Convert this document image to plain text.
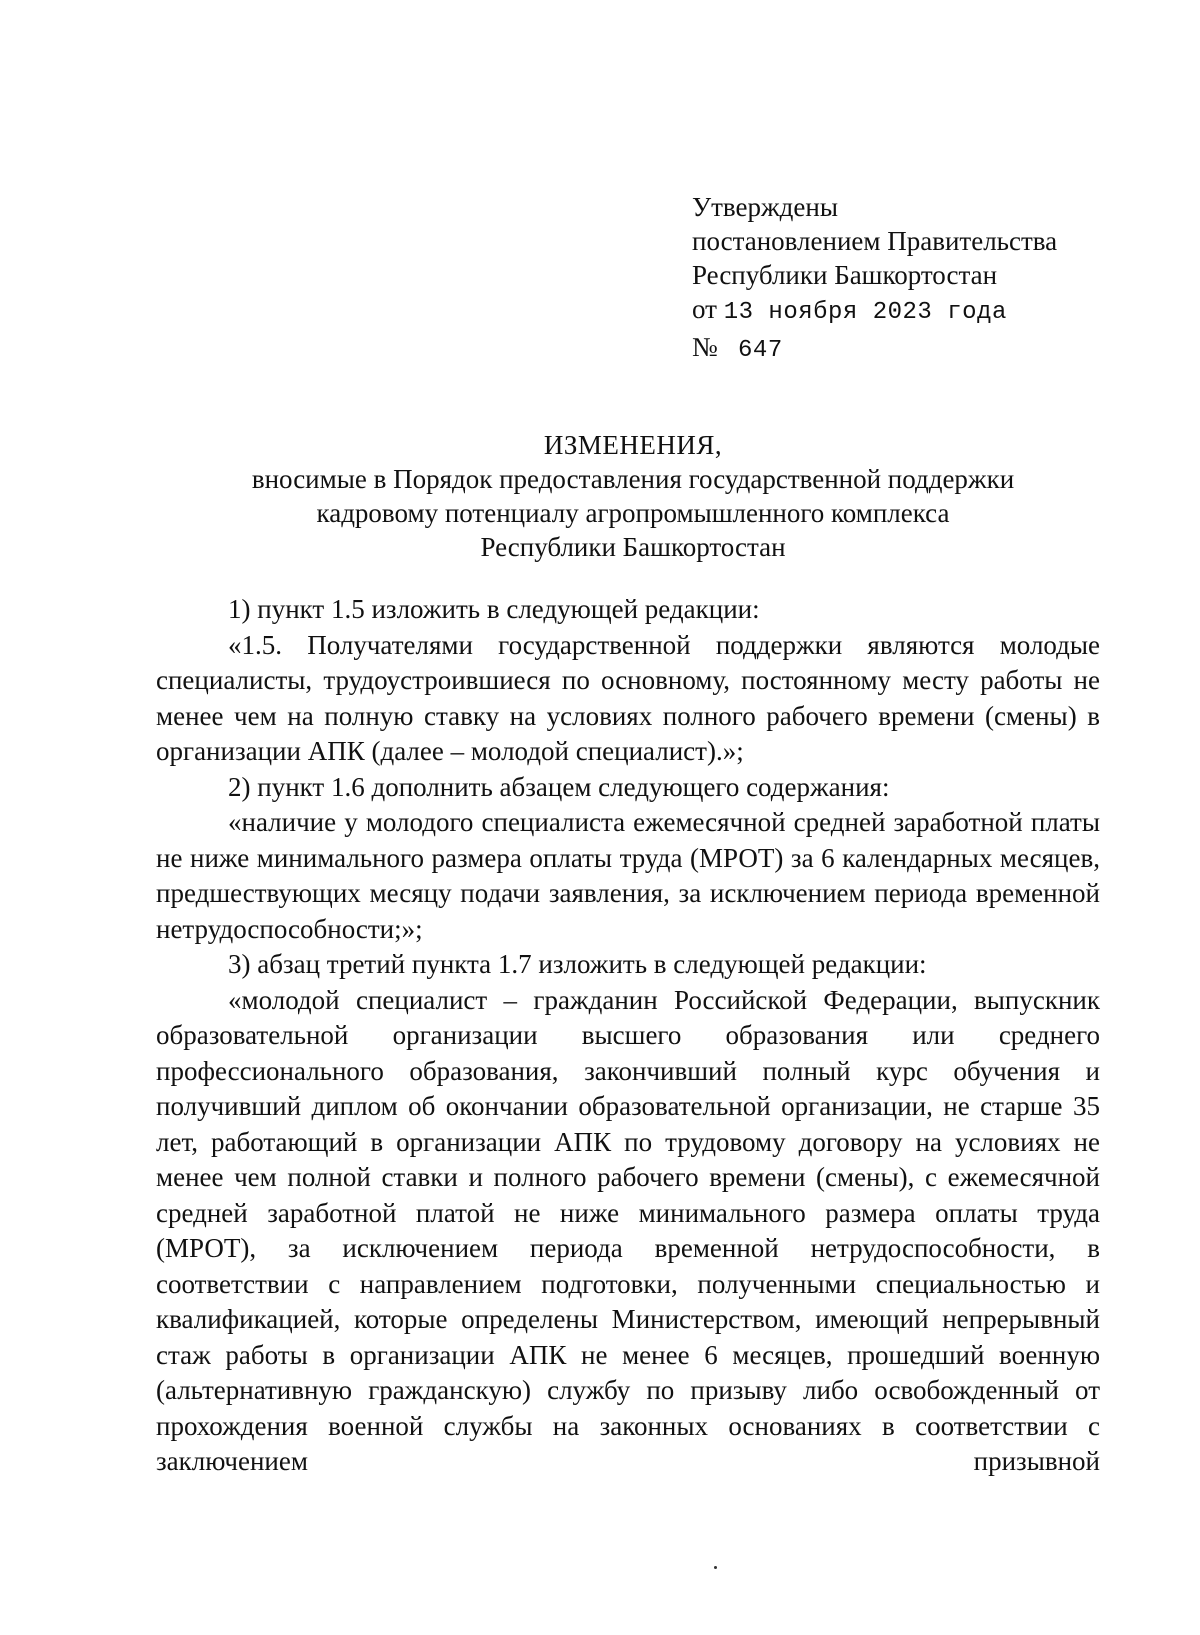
Утверждены
постановлением Правительства
Республики Башкортостан
от 13 ноября 2023 года
№ 647
ИЗМЕНЕНИЯ,
вносимые в Порядок предоставления государственной поддержки
кадровому потенциалу агропромышленного комплекса
Республики Башкортостан

1) пункт 1.5 изложить в следующей редакции:

«1.5. Получателями государственной поддержки являются молодые специалисты, трудоустроившиеся по основному, постоянному месту работы не менее чем на полную ставку на условиях полного рабочего времени (смены) в организации АПК (далее – молодой специалист).»;

2) пункт 1.6 дополнить абзацем следующего содержания:

«наличие у молодого специалиста ежемесячной средней заработной платы не ниже минимального размера оплаты труда (МРОТ) за 6 календарных месяцев, предшествующих месяцу подачи заявления, за исключением периода временной нетрудоспособности;»;

3) абзац третий пункта 1.7 изложить в следующей редакции:

«молодой специалист – гражданин Российской Федерации, выпускник образовательной организации высшего образования или среднего профессионального образования, закончивший полный курс обучения и получивший диплом об окончании образовательной организации, не старше 35 лет, работающий в организации АПК по трудовому договору на условиях не менее чем полной ставки и полного рабочего времени (смены), с ежемесячной средней заработной платой не ниже минимального размера оплаты труда (МРОТ), за исключением периода временной нетрудоспособности, в соответствии с направлением подготовки, полученными специальностью и квалификацией, которые определены Министерством, имеющий непрерывный стаж работы в организации АПК не менее 6 месяцев, прошедший военную (альтернативную гражданскую) службу по призыву либо освобожденный от прохождения военной службы на законных основаниях в соответствии с заключением призывной
